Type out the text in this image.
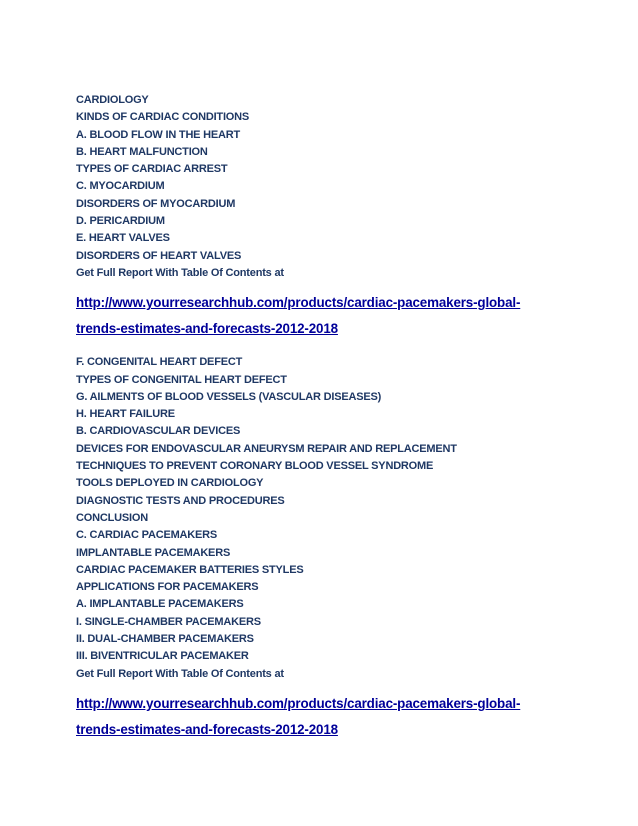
CARDIOLOGY
KINDS OF CARDIAC CONDITIONS
A. BLOOD FLOW IN THE HEART
B. HEART MALFUNCTION
TYPES OF CARDIAC ARREST
C. MYOCARDIUM
DISORDERS OF MYOCARDIUM
D. PERICARDIUM
E. HEART VALVES
DISORDERS OF HEART VALVES
Get Full Report With Table Of Contents at
http://www.yourresearchhub.com/products/cardiac-pacemakers-global-
trends-estimates-and-forecasts-2012-2018
F. CONGENITAL HEART DEFECT
TYPES OF CONGENITAL HEART DEFECT
G. AILMENTS OF BLOOD VESSELS (VASCULAR DISEASES)
H. HEART FAILURE
B. CARDIOVASCULAR DEVICES
DEVICES FOR ENDOVASCULAR ANEURYSM REPAIR AND REPLACEMENT
TECHNIQUES TO PREVENT CORONARY BLOOD VESSEL SYNDROME
TOOLS DEPLOYED IN CARDIOLOGY
DIAGNOSTIC TESTS AND PROCEDURES
CONCLUSION
C. CARDIAC PACEMAKERS
IMPLANTABLE PACEMAKERS
CARDIAC PACEMAKER BATTERIES STYLES
APPLICATIONS FOR PACEMAKERS
A. IMPLANTABLE PACEMAKERS
I. SINGLE-CHAMBER PACEMAKERS
II. DUAL-CHAMBER PACEMAKERS
III. BIVENTRICULAR PACEMAKER
Get Full Report With Table Of Contents at
http://www.yourresearchhub.com/products/cardiac-pacemakers-global-
trends-estimates-and-forecasts-2012-2018
